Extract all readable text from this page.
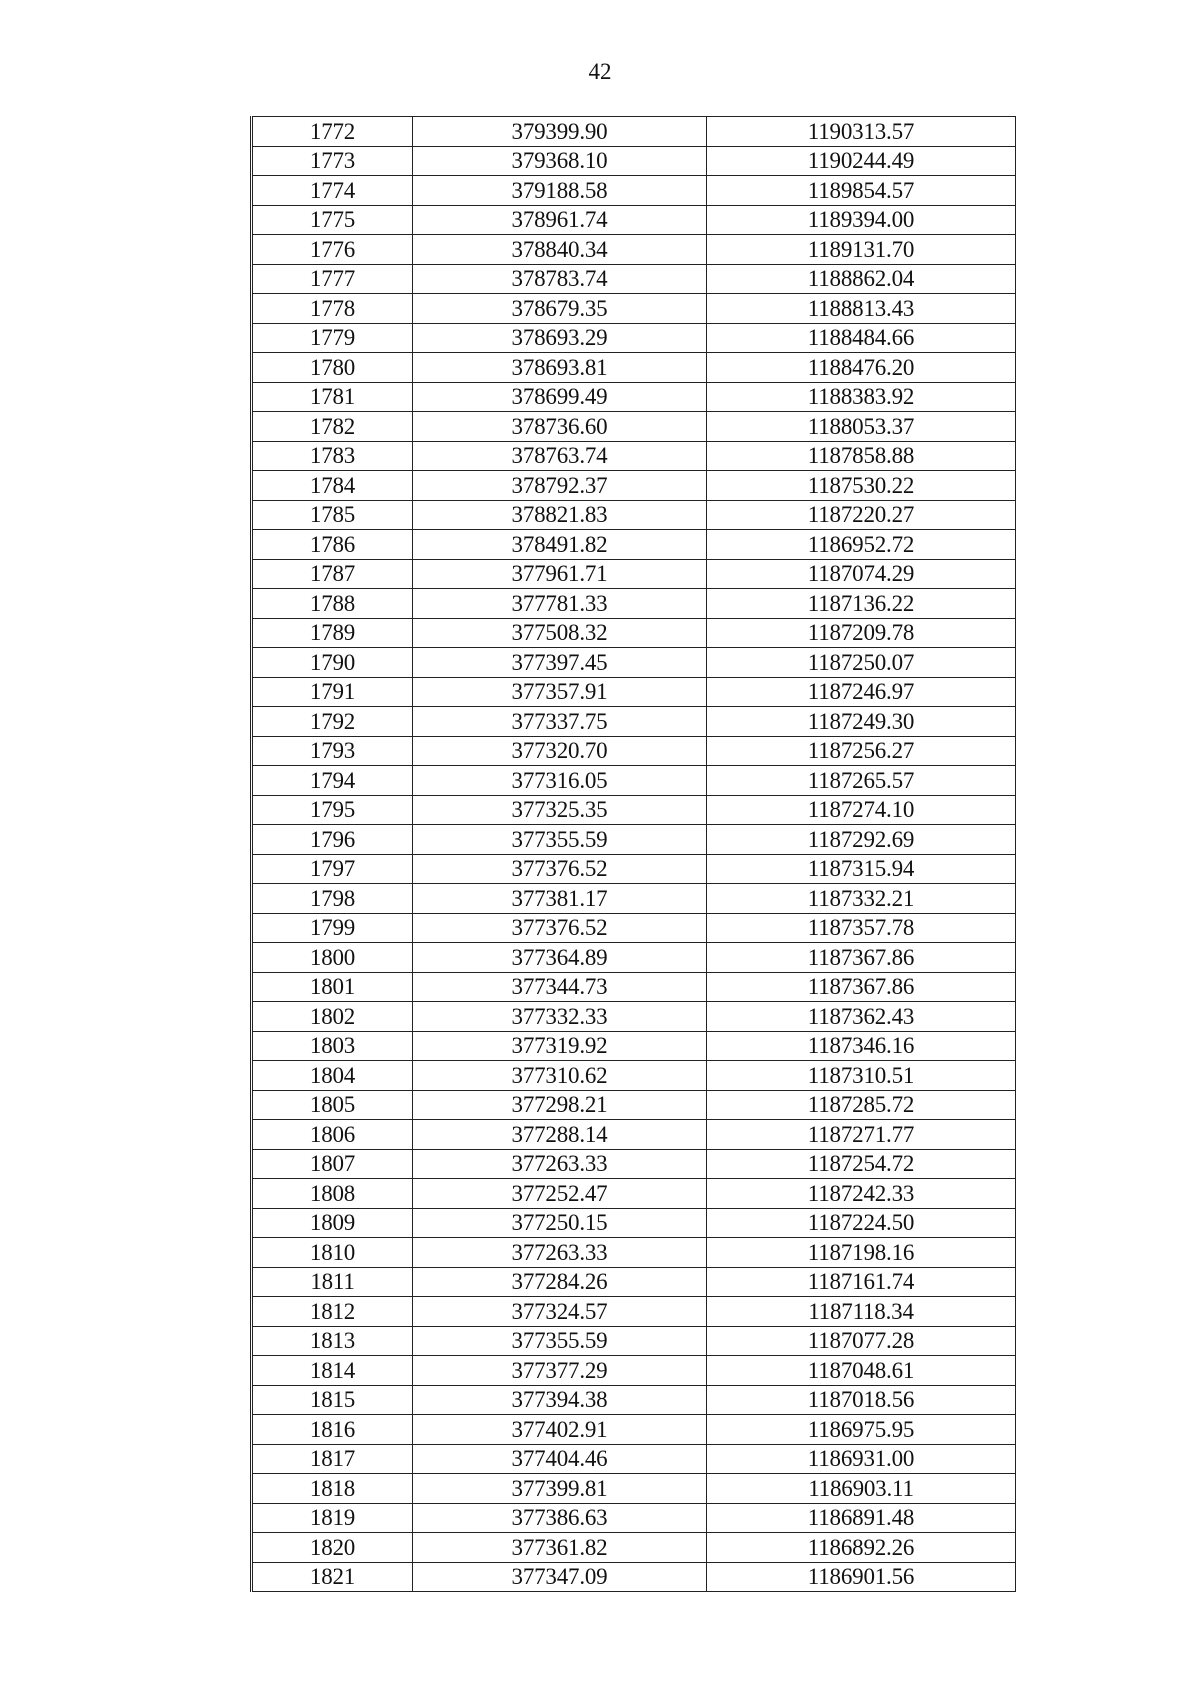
42
1772	379399.90	1190313.57
1773	379368.10	1190244.49
1774	379188.58	1189854.57
1775	378961.74	1189394.00
1776	378840.34	1189131.70
1777	378783.74	1188862.04
1778	378679.35	1188813.43
1779	378693.29	1188484.66
1780	378693.81	1188476.20
1781	378699.49	1188383.92
1782	378736.60	1188053.37
1783	378763.74	1187858.88
1784	378792.37	1187530.22
1785	378821.83	1187220.27
1786	378491.82	1186952.72
1787	377961.71	1187074.29
1788	377781.33	1187136.22
1789	377508.32	1187209.78
1790	377397.45	1187250.07
1791	377357.91	1187246.97
1792	377337.75	1187249.30
1793	377320.70	1187256.27
1794	377316.05	1187265.57
1795	377325.35	1187274.10
1796	377355.59	1187292.69
1797	377376.52	1187315.94
1798	377381.17	1187332.21
1799	377376.52	1187357.78
1800	377364.89	1187367.86
1801	377344.73	1187367.86
1802	377332.33	1187362.43
1803	377319.92	1187346.16
1804	377310.62	1187310.51
1805	377298.21	1187285.72
1806	377288.14	1187271.77
1807	377263.33	1187254.72
1808	377252.47	1187242.33
1809	377250.15	1187224.50
1810	377263.33	1187198.16
1811	377284.26	1187161.74
1812	377324.57	1187118.34
1813	377355.59	1187077.28
1814	377377.29	1187048.61
1815	377394.38	1187018.56
1816	377402.91	1186975.95
1817	377404.46	1186931.00
1818	377399.81	1186903.11
1819	377386.63	1186891.48
1820	377361.82	1186892.26
1821	377347.09	1186901.56
